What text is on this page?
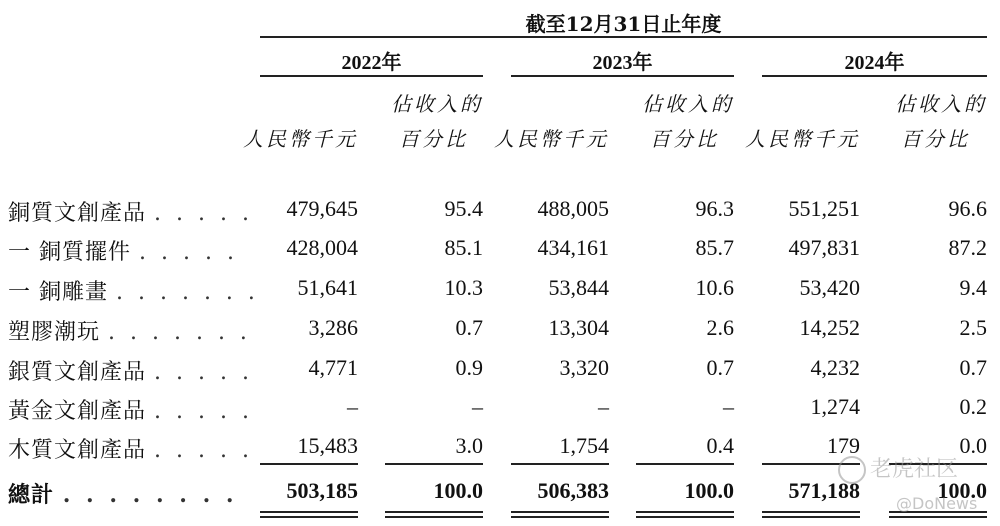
截至12月31日止年度
2022年	2023年	2024年
佔收入的	佔收入的	佔收入的
人民幣千元	百分比 人民幣千元	百分比 人民幣千元	百分比
銅質文創產品 . . . . .	479,645	95.4	488,005	96.3	551,251	96.6
一 銅質擺件 . . . . .	428,004	85.1	434,161	85.7	497,831	87.2
一 銅雕畫 . . . . . . .	51,641	10.3	53,844	10.6	53,420	9.4
塑膠潮玩 . . . . . . .	3,286	0.7	13,304	2.6	14,252	2.5
銀質文創產品 . . . . .	4,771	0.9	3,320	0.7	4,232	0.7
黃金文創產品 . . . . .	–	–	–	–	1,274	0.2
木質文創產品 . . . . .	15,483	3.0	1,754	0.4	179	0.0
總計 . . . . . . . .	503,185	100.0	506,383	100.0	571,188	100.0
老虎社区
@DoNews
